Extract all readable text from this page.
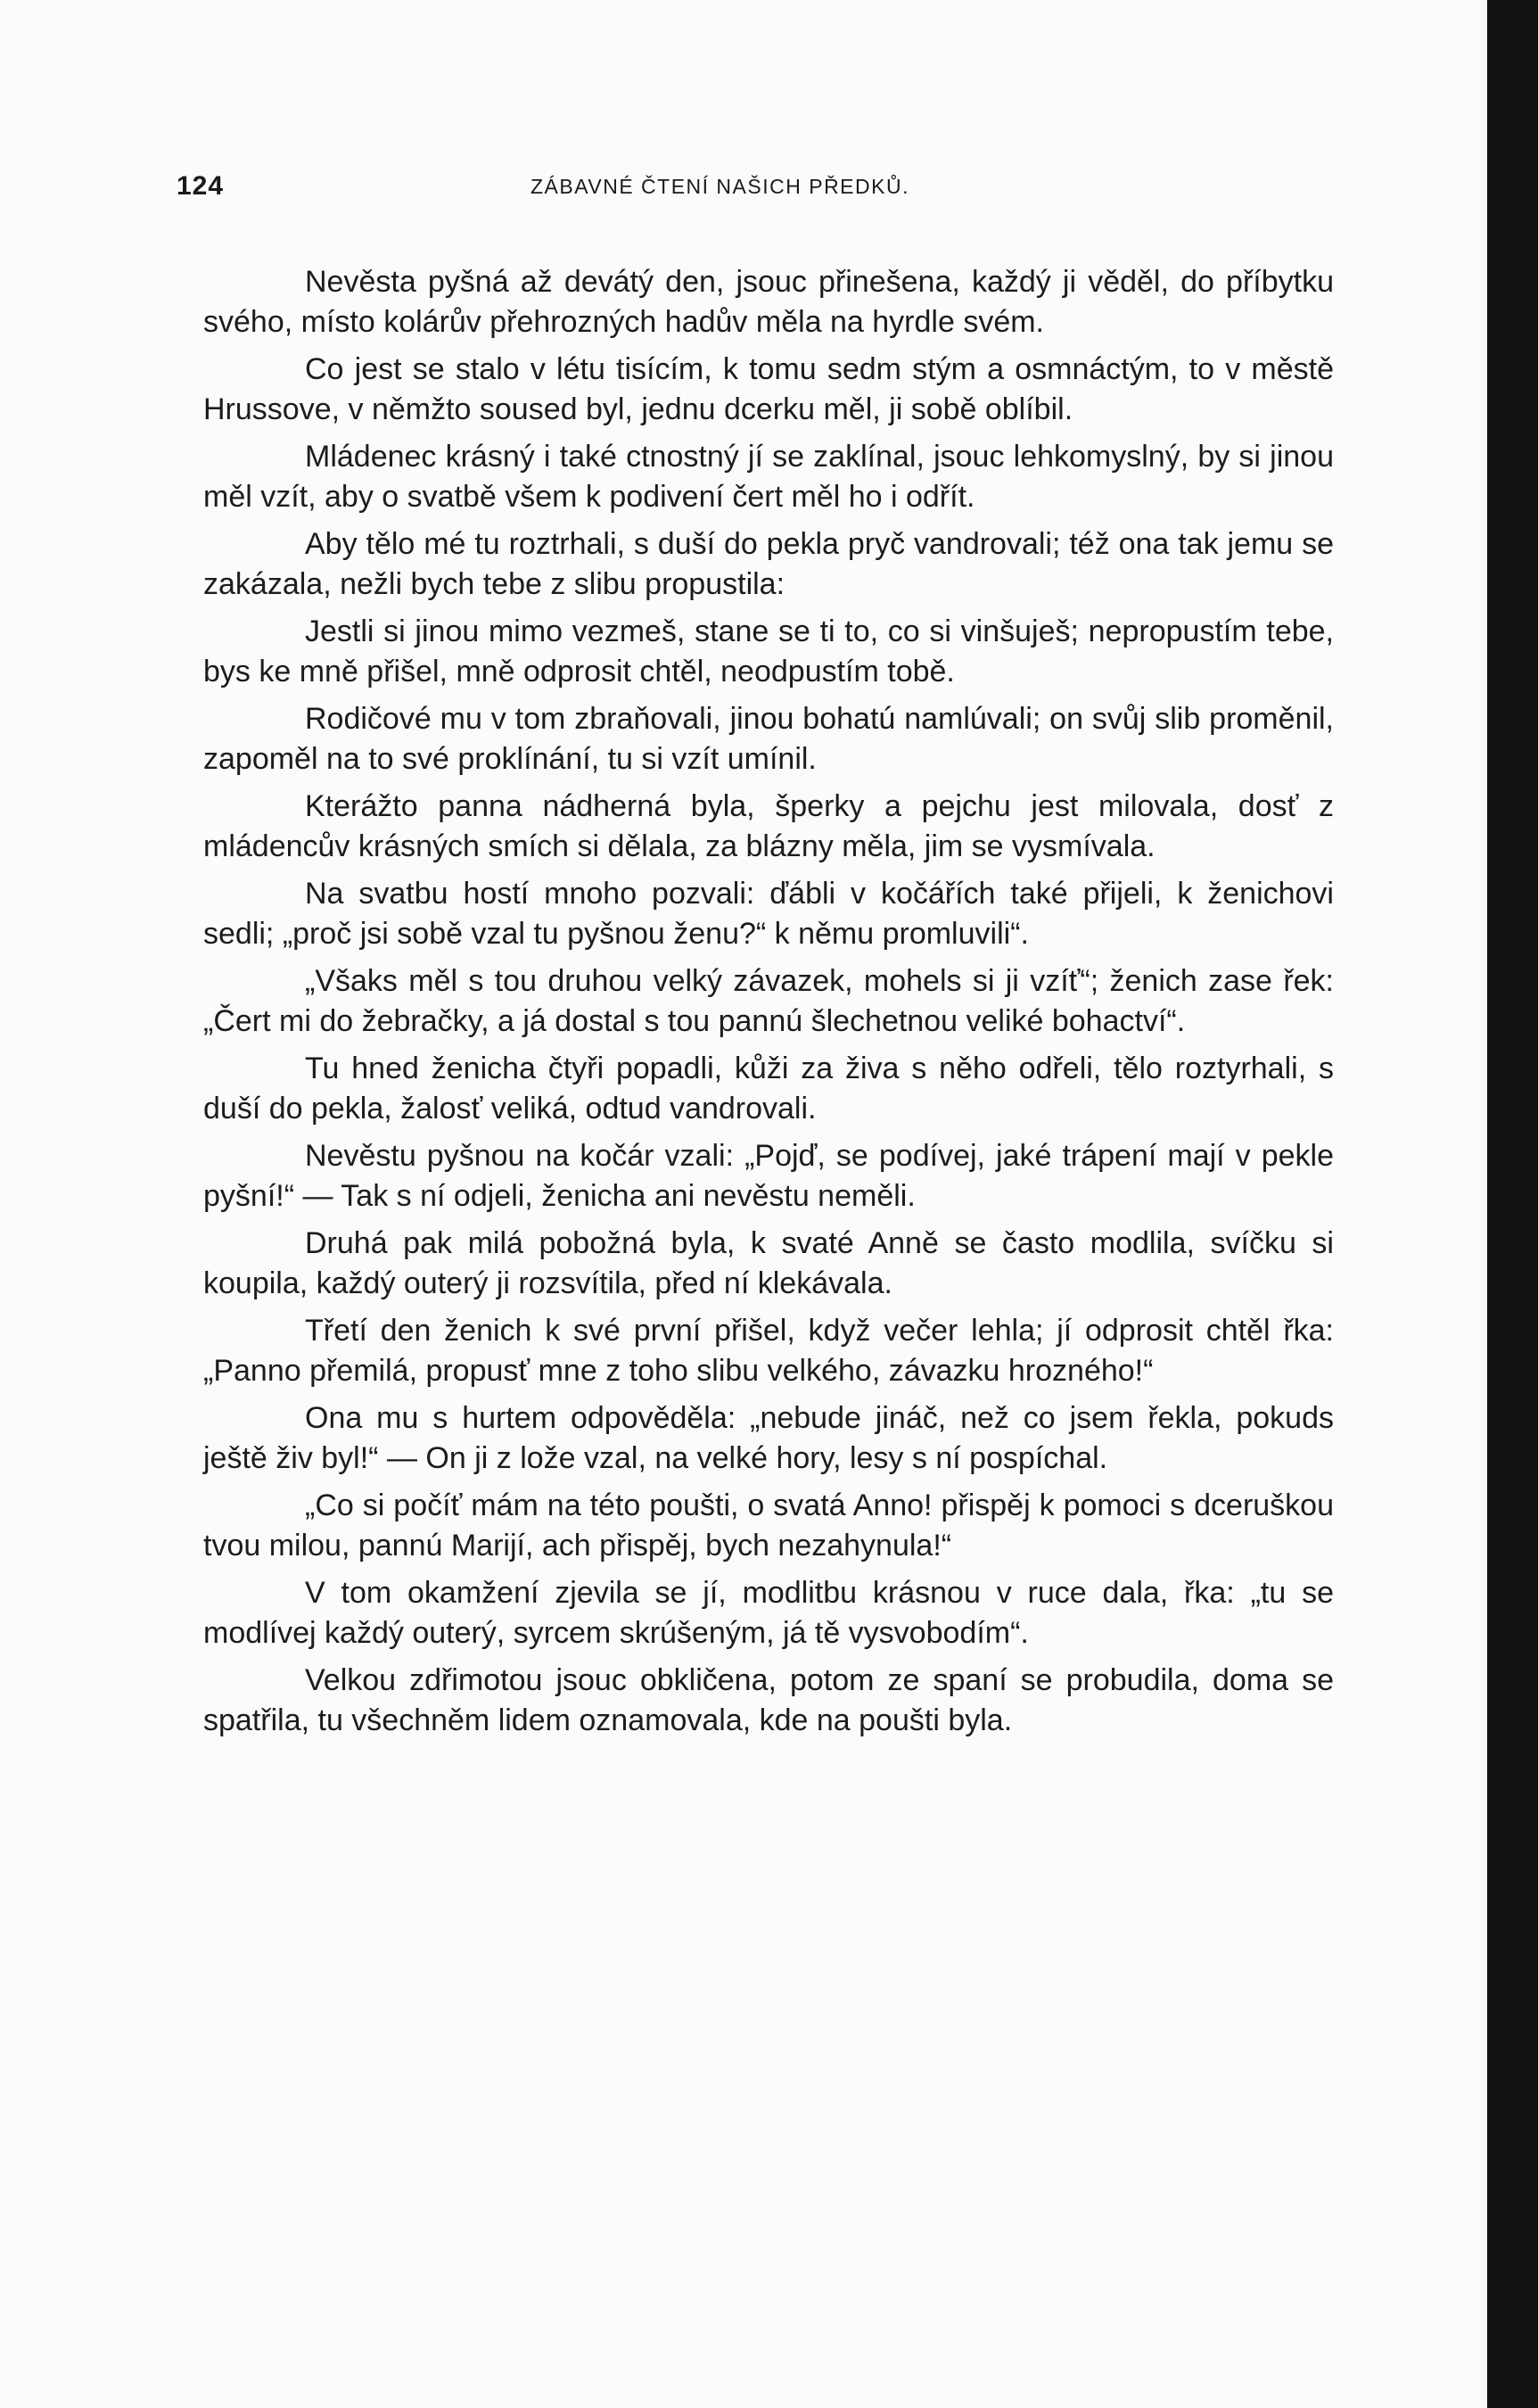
124	ZÁBAVNÉ ČTENÍ NAŠICH PŘEDKŮ.

Nevěsta pyšná až devátý den, jsouc přinešena, každý ji věděl, do příbytku svého, místo kolárův přehrozných hadův měla na hyrdle svém.

Co jest se stalo v létu tisícím, k tomu sedm stým a osmnáctým, to v městě Hrussove, v němžto soused byl, jednu dcerku měl, ji sobě oblíbil.

Mládenec krásný i také ctnostný jí se zaklínal, jsouc lehkomyslný, by si jinou měl vzít, aby o svatbě všem k podivení čert měl ho i odřít.

Aby tělo mé tu roztrhali, s duší do pekla pryč vandrovali; též ona tak jemu se zakázala, nežli bych tebe z slibu propustila:

Jestli si jinou mimo vezmeš, stane se ti to, co si vinšuješ; nepropustím tebe, bys ke mně přišel, mně odprosit chtěl, neodpustím tobě.

Rodičové mu v tom zbraňovali, jinou bohatú namlúvali; on svůj slib proměnil, zapoměl na to své proklínání, tu si vzít umínil.

Kterážto panna nádherná byla, šperky a pejchu jest milovala, dosť z mládencův krásných smích si dělala, za blázny měla, jim se vysmívala.

Na svatbu hostí mnoho pozvali: ďábli v kočářích také přijeli, k ženichovi sedli; „proč jsi sobě vzal tu pyšnou ženu?“ k němu promluvili“.

„Všaks měl s tou druhou velký závazek, mohels si ji vzíť“; ženich zase řek: „Čert mi do žebračky, a já dostal s tou pannú šlechetnou veliké bohactví“.

Tu hned ženicha čtyři popadli, kůži za živa s něho odřeli, tělo roztyrhali, s duší do pekla, žalosť veliká, odtud vandrovali.

Nevěstu pyšnou na kočár vzali: „Pojď, se podívej, jaké trápení mají v pekle pyšní!“ — Tak s ní odjeli, ženicha ani nevěstu neměli.

Druhá pak milá pobožná byla, k svaté Anně se často modlila, svíčku si koupila, každý outerý ji rozsvítila, před ní klekávala.

Třetí den ženich k své první přišel, když večer lehla; jí odprosit chtěl řka: „Panno přemilá, propusť mne z toho slibu velkého, závazku hrozného!“

Ona mu s hurtem odpověděla: „nebude jináč, než co jsem řekla, pokuds ještě živ byl!“ — On ji z lože vzal, na velké hory, lesy s ní pospíchal.

„Co si počíť mám na této poušti, o svatá Anno! přispěj k pomoci s dceruškou tvou milou, pannú Marijí, ach přispěj, bych nezahynula!“

V tom okamžení zjevila se jí, modlitbu krásnou v ruce dala, řka: „tu se modlívej každý outerý, syrcem skrúšeným, já tě vysvobodím“.

Velkou zdřimotou jsouc obkličena, potom ze spaní se probudila, doma se spatřila, tu všechněm lidem oznamovala, kde na poušti byla.
